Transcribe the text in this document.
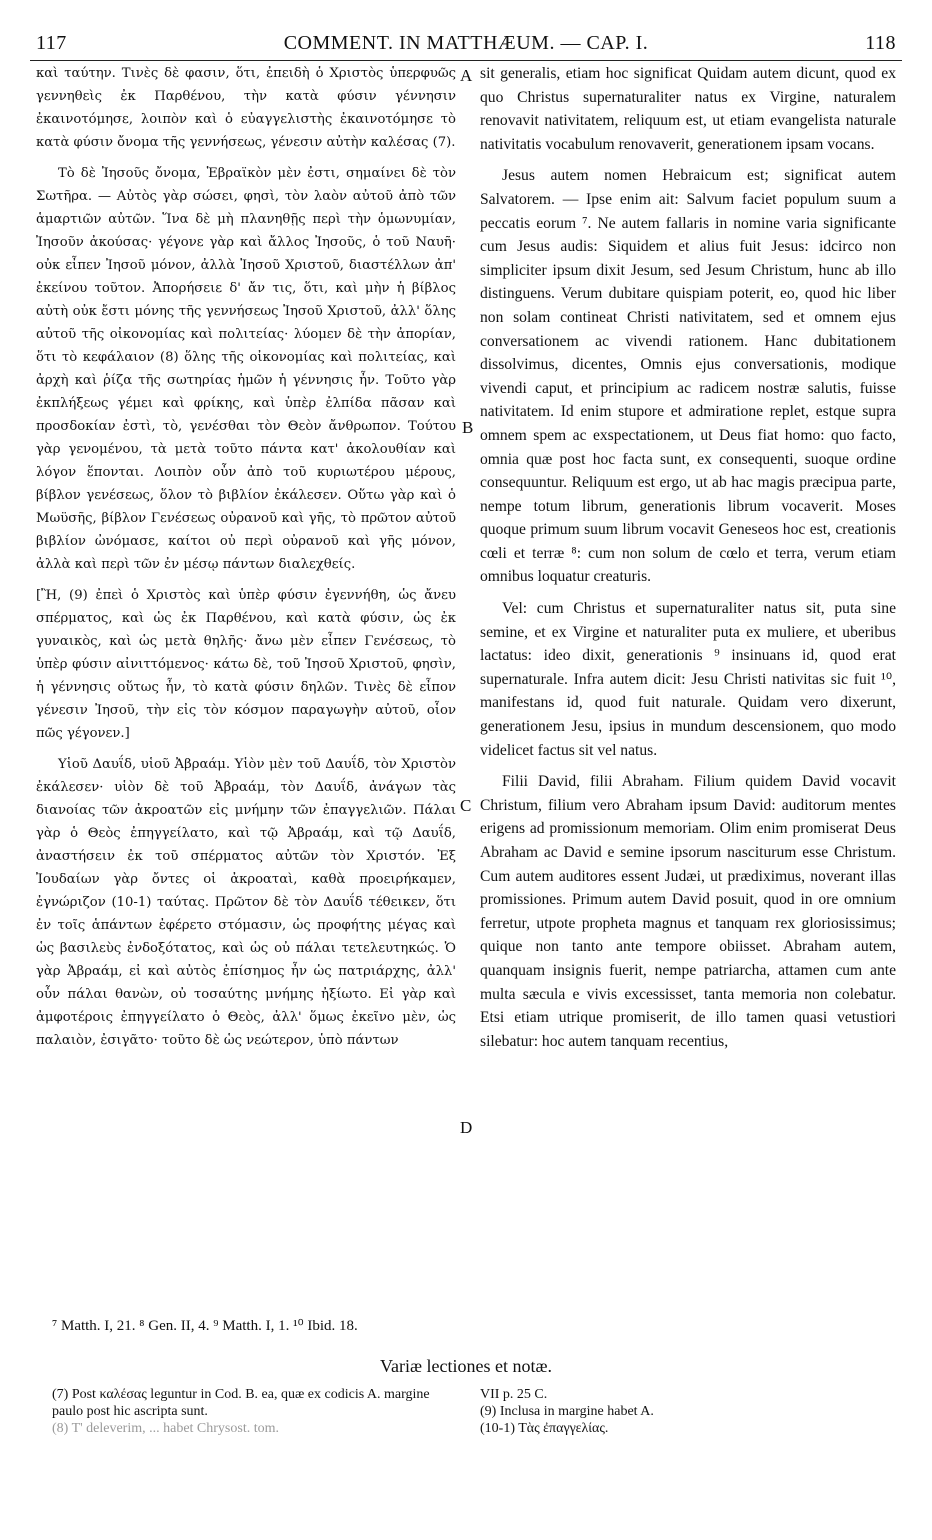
117	COMMENT. IN MATTHÆUM. — CAP. I.	118

καὶ ταύτην. Τινὲς δὲ φασιν, ὅτι, ἐπειδὴ ὁ Χριστὸς ὑπερφυῶς γεννηθεὶς ἐκ Παρθένου, τὴν κατὰ φύσιν γέννησιν ἐκαινοτόμησε, λοιπὸν καὶ ὁ εὐαγγελιστὴς ἐκαινοτόμησε τὸ κατὰ φύσιν ὄνομα τῆς γεννήσεως, γένεσιν αὐτὴν καλέσας (7).

Τὸ δὲ Ἰησοῦς ὄνομα, Ἑβραϊκὸν μὲν ἐστι, σημαίνει δὲ τὸν Σωτῆρα. — Αὐτὸς γὰρ σώσει, φησὶ, τὸν λαὸν αὐτοῦ ἀπὸ τῶν ἁμαρτιῶν αὐτῶν. Ἵνα δὲ μὴ πλανηθῇς περὶ τὴν ὁμωνυμίαν, Ἰησοῦν ἀκούσας· γέγονε γὰρ καὶ ἄλλος Ἰησοῦς, ὁ τοῦ Ναυῆ· οὐκ εἶπεν Ἰησοῦ μόνον, ἀλλὰ Ἰησοῦ Χριστοῦ, διαστέλλων ἀπ' ἐκείνου τοῦτον. Ἀπορήσειε δ' ἄν τις, ὅτι, καὶ μὴν ἡ βίβλος αὐτὴ οὐκ ἔστι μόνης τῆς γεννήσεως Ἰησοῦ Χριστοῦ, ἀλλ' ὅλης αὐτοῦ τῆς οἰκονομίας καὶ πολιτείας· λύομεν δὲ τὴν ἀπορίαν, ὅτι τὸ κεφάλαιον (8) ὅλης τῆς οἰκονομίας καὶ πολιτείας, καὶ ἀρχὴ καὶ ῥίζα τῆς σωτηρίας ἡμῶν ἡ γέννησις ἦν. Τοῦτο γὰρ ἐκπλήξεως γέμει καὶ φρίκης, καὶ ὑπὲρ ἐλπίδα πᾶσαν καὶ προσδοκίαν ἐστὶ, τὸ, γενέσθαι τὸν Θεὸν ἄνθρωπον. Τούτου γὰρ γενομένου, τὰ μετὰ τοῦτο πάντα κατ' ἀκολουθίαν καὶ λόγον ἕπονται. Λοιπὸν οὖν ἀπὸ τοῦ κυριωτέρου μέρους, βίβλον γενέσεως, ὅλον τὸ βιβλίον ἐκάλεσεν. Οὕτω γὰρ καὶ ὁ Μωϋσῆς, βίβλον Γενέσεως οὐρανοῦ καὶ γῆς, τὸ πρῶτον αὐτοῦ βιβλίον ὠνόμασε, καίτοι οὐ περὶ οὐρανοῦ καὶ γῆς μόνον, ἀλλὰ καὶ περὶ τῶν ἐν μέσῳ πάντων διαλεχθείς.

[Ἢ, (9) ἐπεὶ ὁ Χριστὸς καὶ ὑπὲρ φύσιν ἐγεννήθη, ὡς ἄνευ σπέρματος, καὶ ὡς ἐκ Παρθένου, καὶ κατὰ φύσιν, ὡς ἐκ γυναικὸς, καὶ ὡς μετὰ θηλῆς· ἄνω μὲν εἶπεν Γενέσεως, τὸ ὑπὲρ φύσιν αἰνιττόμενος· κάτω δὲ, τοῦ Ἰησοῦ Χριστοῦ, φησὶν, ἡ γέννησις οὕτως ἦν, τὸ κατὰ φύσιν δηλῶν. Τινὲς δὲ εἶπον γένεσιν Ἰησοῦ, τὴν εἰς τὸν κόσμον παραγωγὴν αὐτοῦ, οἷον πῶς γέγονεν.]

Υἱοῦ Δαυΐδ, υἱοῦ Ἀβραάμ. Υἱὸν μὲν τοῦ Δαυΐδ, τὸν Χριστὸν ἐκάλεσεν· υἱὸν δὲ τοῦ Ἀβραάμ, τὸν Δαυΐδ, ἀνάγων τὰς διανοίας τῶν ἀκροατῶν εἰς μνήμην τῶν ἐπαγγελιῶν. Πάλαι γὰρ ὁ Θεὸς ἐπηγγείλατο, καὶ τῷ Ἀβραάμ, καὶ τῷ Δαυΐδ, ἀναστήσειν ἐκ τοῦ σπέρματος αὐτῶν τὸν Χριστόν. Ἐξ Ἰουδαίων γὰρ ὄντες οἱ ἀκροαταὶ, καθὰ προειρήκαμεν, ἐγνώριζον (10-1) ταύτας. Πρῶτον δὲ τὸν Δαυΐδ τέθεικεν, ὅτι ἐν τοῖς ἁπάντων ἐφέρετο στόμασιν, ὡς προφήτης μέγας καὶ ὡς βασιλεὺς ἐνδοξότατος, καὶ ὡς οὐ πάλαι τετελευτηκώς. Ὁ γὰρ Ἀβραάμ, εἰ καὶ αὐτὸς ἐπίσημος ἦν ὡς πατριάρχης, ἀλλ' οὖν πάλαι θανὼν, οὐ τοσαύτης μνήμης ἠξίωτο. Εἰ γὰρ καὶ ἀμφοτέροις ἐπηγγείλατο ὁ Θεὸς, ἀλλ' ὅμως ἐκεῖνο μὲν, ὡς παλαιὸν, ἐσιγᾶτο· τοῦτο δὲ ὡς νεώτερον, ὑπὸ πάντων

A
B
C
D

sit generalis, etiam hoc significat Quidam autem dicunt, quod ex quo Christus supernaturaliter natus ex Virgine, naturalem renovavit nativitatem, reliquum est, ut etiam evangelista naturale nativitatis vocabulum renovaverit, generationem ipsam vocans.

Jesus autem nomen Hebraicum est; significat autem Salvatorem. — Ipse enim ait: Salvum faciet populum suum a peccatis eorum ⁷. Ne autem fallaris in nomine varia significante cum Jesus audis: Siquidem et alius fuit Jesus: idcirco non simpliciter ipsum dixit Jesum, sed Jesum Christum, hunc ab illo distinguens. Verum dubitare quispiam poterit, eo, quod hic liber non solam contineat Christi nativitatem, sed et omnem ejus conversationem ac vivendi rationem. Hanc dubitationem dissolvimus, dicentes, Omnis ejus conversationis, modique vivendi caput, et principium ac radicem nostræ salutis, fuisse nativitatem. Id enim stupore et admiratione replet, estque supra omnem spem ac exspectationem, ut Deus fiat homo: quo facto, omnia quæ post hoc facta sunt, ex consequenti, suoque ordine consequuntur. Reliquum est ergo, ut ab hac magis præcipua parte, nempe totum librum, generationis librum vocaverit. Moses quoque primum suum librum vocavit Geneseos hoc est, creationis cœli et terræ ⁸: cum non solum de cœlo et terra, verum etiam omnibus loquatur creaturis.

Vel: cum Christus et supernaturaliter natus sit, puta sine semine, et ex Virgine et naturaliter puta ex muliere, et uberibus lactatus: ideo dixit, generationis ⁹ insinuans id, quod erat supernaturale. Infra autem dicit: Jesu Christi nativitas sic fuit ¹⁰, manifestans id, quod fuit naturale. Quidam vero dixerunt, generationem Jesu, ipsius in mundum descensionem, quo modo videlicet factus sit vel natus.

Filii David, filii Abraham. Filium quidem David vocavit Christum, filium vero Abraham ipsum David: auditorum mentes erigens ad promissionum memoriam. Olim enim promiserat Deus Abraham ac David e semine ipsorum nasciturum esse Christum. Cum autem auditores essent Judæi, ut prædiximus, noverant illas promissiones. Primum autem David posuit, quod in ore omnium ferretur, utpote propheta magnus et tanquam rex gloriosissimus; quique non tanto ante tempore obiisset. Abraham autem, quanquam insignis fuerit, nempe patriarcha, attamen cum ante multa sæcula e vivis excessisset, tanta memoria non colebatur. Etsi etiam utrique promiserit, de illo tamen quasi vetustiori silebatur: hoc autem tanquam recentius,

⁷ Matth. I, 21. ⁸ Gen. II, 4. ⁹ Matth. I, 1. ¹⁰ Ibid. 18.
Variæ lectiones et notæ.

(7) Post καλέσας leguntur in Cod. B. ea, quæ ex codicis A. margine paulo post hic ascripta sunt.

(8) T' deleverim, ... habet Chrysost. tom.

VII p. 25 C.

(9) Inclusa in margine habet A.

(10-1) Τὰς ἐπαγγελίας.
